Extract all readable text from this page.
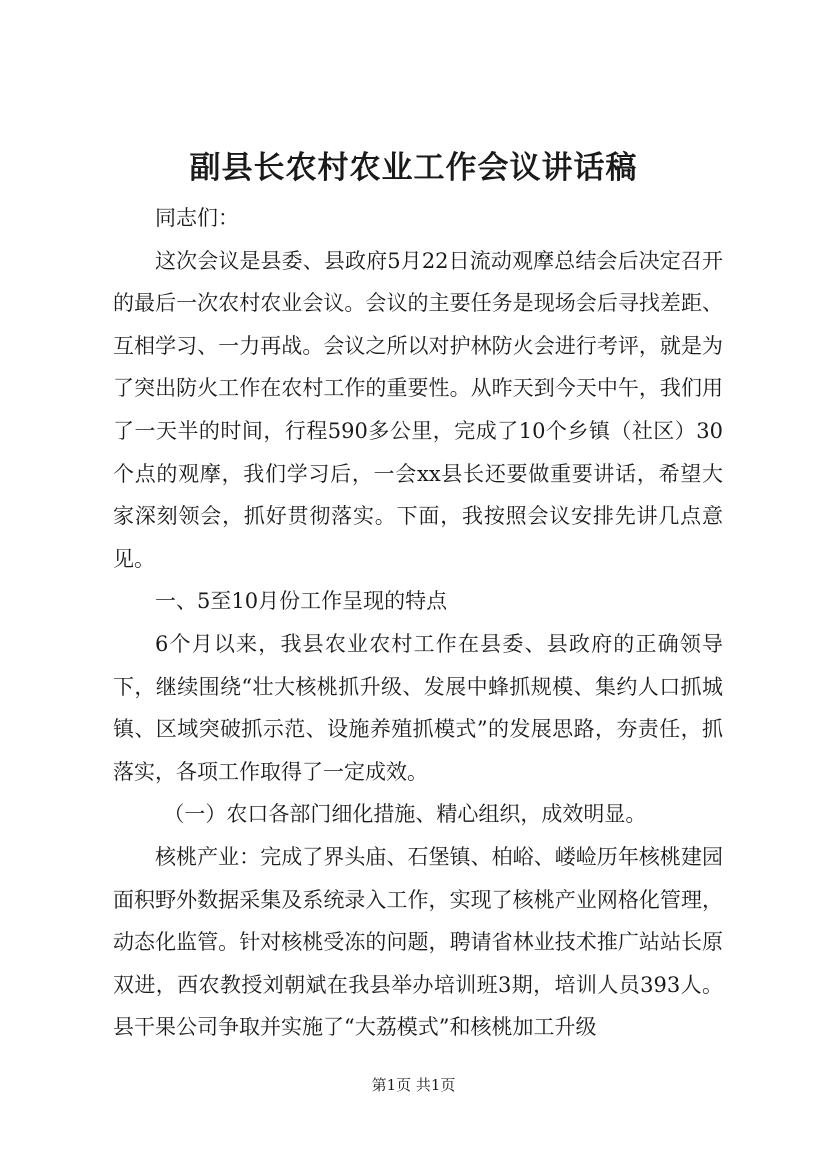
副县长农村农业工作会议讲话稿

同志们：

这次会议是县委、县政府5月22日流动观摩总结会后决定召开的最后一次农村农业会议。会议的主要任务是现场会后寻找差距、互相学习、一力再战。会议之所以对护林防火会进行考评，就是为了突出防火工作在农村工作的重要性。从昨天到今天中午，我们用了一天半的时间，行程590多公里，完成了10个乡镇（社区）30个点的观摩，我们学习后，一会xx县长还要做重要讲话，希望大家深刻领会，抓好贯彻落实。下面，我按照会议安排先讲几点意见。

一、5至10月份工作呈现的特点

6个月以来，我县农业农村工作在县委、县政府的正确领导下，继续围绕“壮大核桃抓升级、发展中蜂抓规模、集约人口抓城镇、区域突破抓示范、设施养殖抓模式”的发展思路，夯责任，抓落实，各项工作取得了一定成效。

（一）农口各部门细化措施、精心组织，成效明显。

核桃产业：完成了界头庙、石堡镇、柏峪、嵝崄历年核桃建园面积野外数据采集及系统录入工作，实现了核桃产业网格化管理，动态化监管。针对核桃受冻的问题，聘请省林业技术推广站站长原双进，西农教授刘朝斌在我县举办培训班3期，培训人员393人。县干果公司争取并实施了“大荔模式”和核桃加工升级

第1页 共1页
